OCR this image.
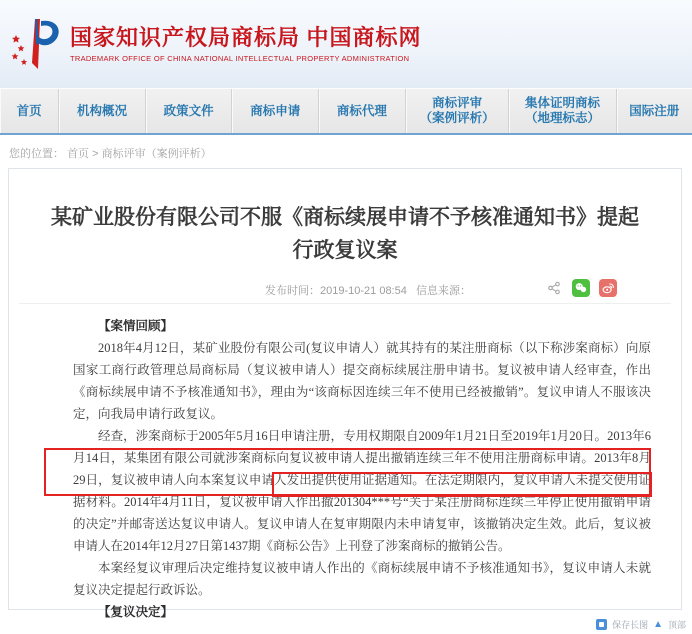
国家知识产权局商标局 中国商标网
TRADEMARK OFFICE OF CHINA NATIONAL INTELLECTUAL PROPERTY ADMINISTRATION
首页	机构概况	政策文件	商标申请	商标代理
商标评审
（案例评析）
集体证明商标
（地理标志）
国际注册
您的位置： 首页 > 商标评审（案例评析）
某矿业股份有限公司不服《商标续展申请不予核准通知书》提起行政复议案
发布时间：2019-10-21 08:54 信息来源：

【案情回顾】

2018年4月12日，某矿业股份有限公司(复议申请人）就其持有的某注册商标（以下称涉案商标）向原国家工商行政管理总局商标局（复议被申请人）提交商标续展注册申请书。复议被申请人经审查，作出《商标续展申请不予核准通知书》，理由为“该商标因连续三年不使用已经被撤销”。复议申请人不服该决定，向我局申请行政复议。

经查，涉案商标于2005年5月16日申请注册，专用权期限自2009年1月21日至2019年1月20日。2013年6月14日，某集团有限公司就涉案商标向复议被申请人提出撤销连续三年不使用注册商标申请。2013年8月29日，复议被申请人向本案复议申请人发出提供使用证据通知。在法定期限内，复议申请人未提交使用证据材料。2014年4月11日，复议被申请人作出撤201304***号“关于某注册商标连续三年停止使用撤销申请的决定”并邮寄送达复议申请人。复议申请人在复审期限内未申请复审，该撤销决定生效。此后，复议被申请人在2014年12月27日第1437期《商标公告》上刊登了涉案商标的撤销公告。

本案经复议审理后决定维持复议被申请人作出的《商标续展申请不予核准通知书》，复议申请人未就复议决定提起行政诉讼。

【复议决定】

保存长图 ▲ 顶部
